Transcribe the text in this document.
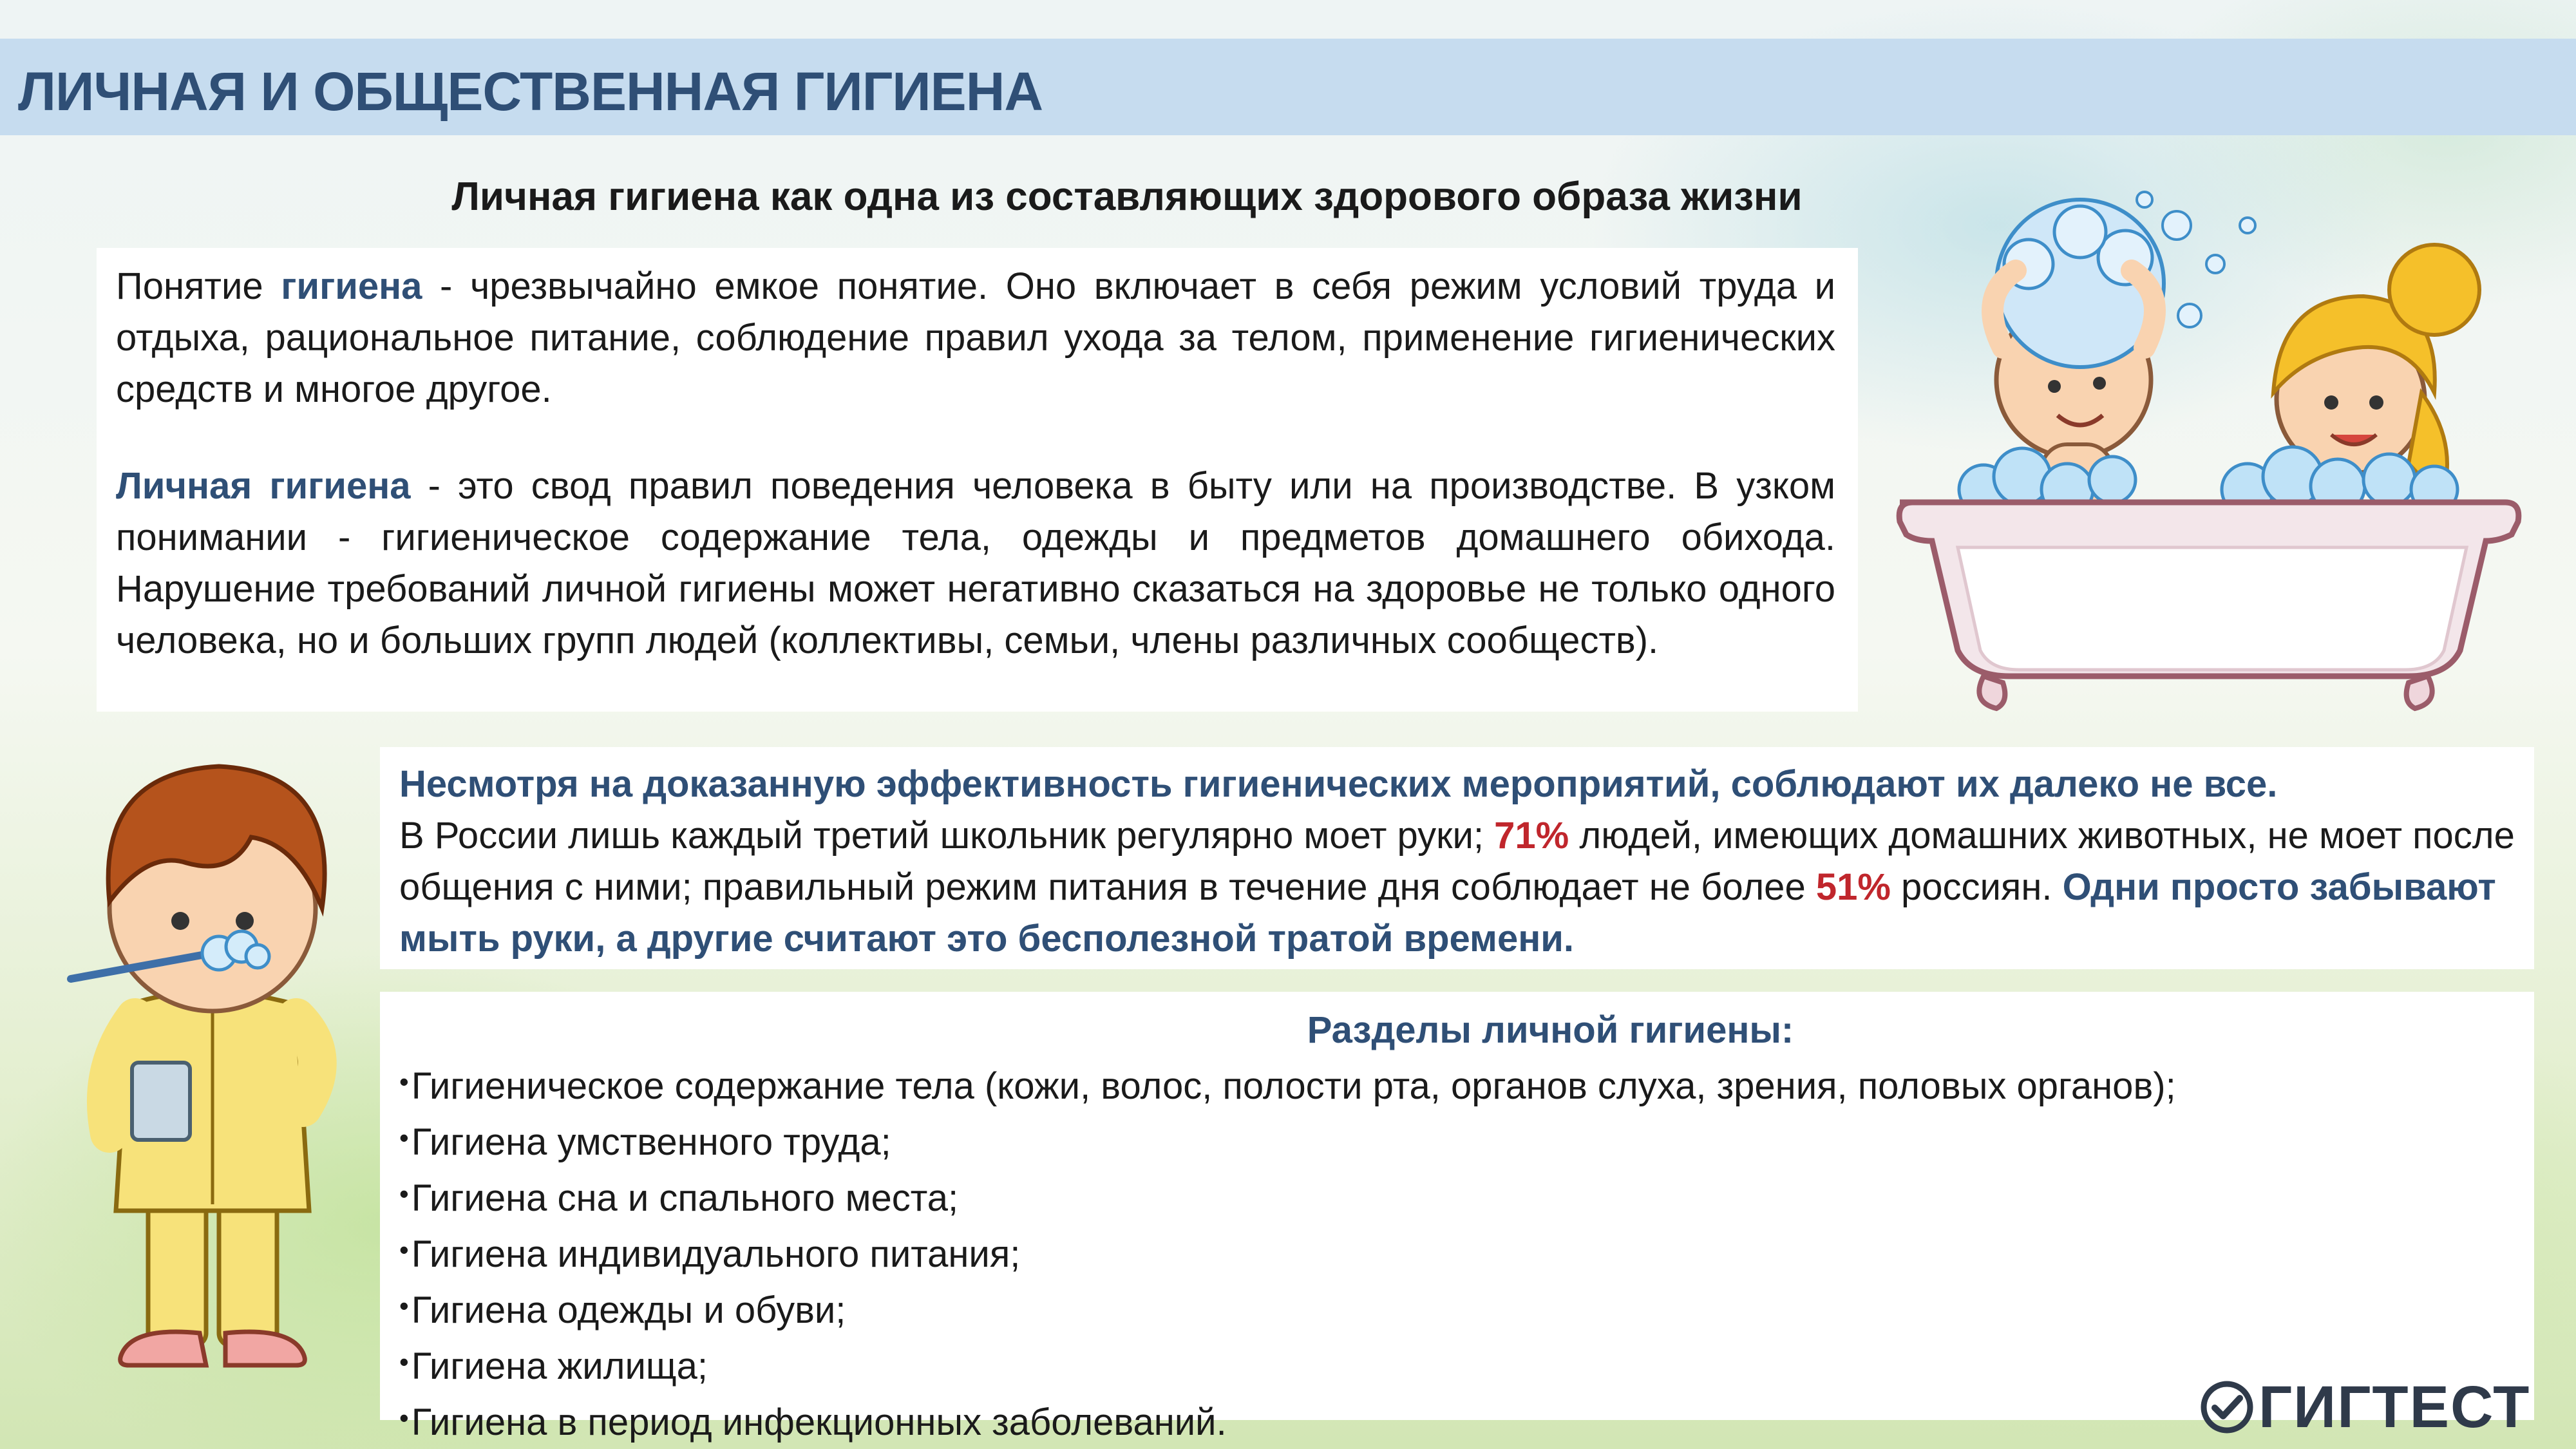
ЛИЧНАЯ И ОБЩЕСТВЕННАЯ ГИГИЕНА
Личная гигиена как одна из составляющих здорового образа жизни

Понятие гигиена - чрезвычайно емкое понятие. Оно включает в себя режим условий труда и отдыха, рациональное питание, соблюдение правил ухода за телом, применение гигиенических средств и многое другое.

Личная гигиена - это свод правил поведения человека в быту или на производстве. В узком понимании - гигиеническое содержание тела, одежды и предметов домашнего обихода. Нарушение требований личной гигиены может негативно сказаться на здоровье не только одного человека, но и больших групп людей (коллективы, семьи, члены различных сообществ).

Несмотря на доказанную эффективность гигиенических мероприятий, соблюдают их далеко не все.
В России лишь каждый третий школьник регулярно моет руки; 71% людей, имеющих домашних животных, не моет после общения с ними; правильный режим питания в течение дня соблюдает не более 51% россиян. Одни просто забывают мыть руки, а другие считают это бесполезной тратой времени.

Разделы личной гигиены:

•Гигиеническое содержание тела (кожи, волос, полости рта, органов слуха, зрения, половых органов);
•Гигиена умственного труда;
•Гигиена сна и спального места;
•Гигиена индивидуального питания;
•Гигиена одежды и обуви;
•Гигиена жилища;
•Гигиена в период инфекционных заболеваний.	ГИГТЕСТ
